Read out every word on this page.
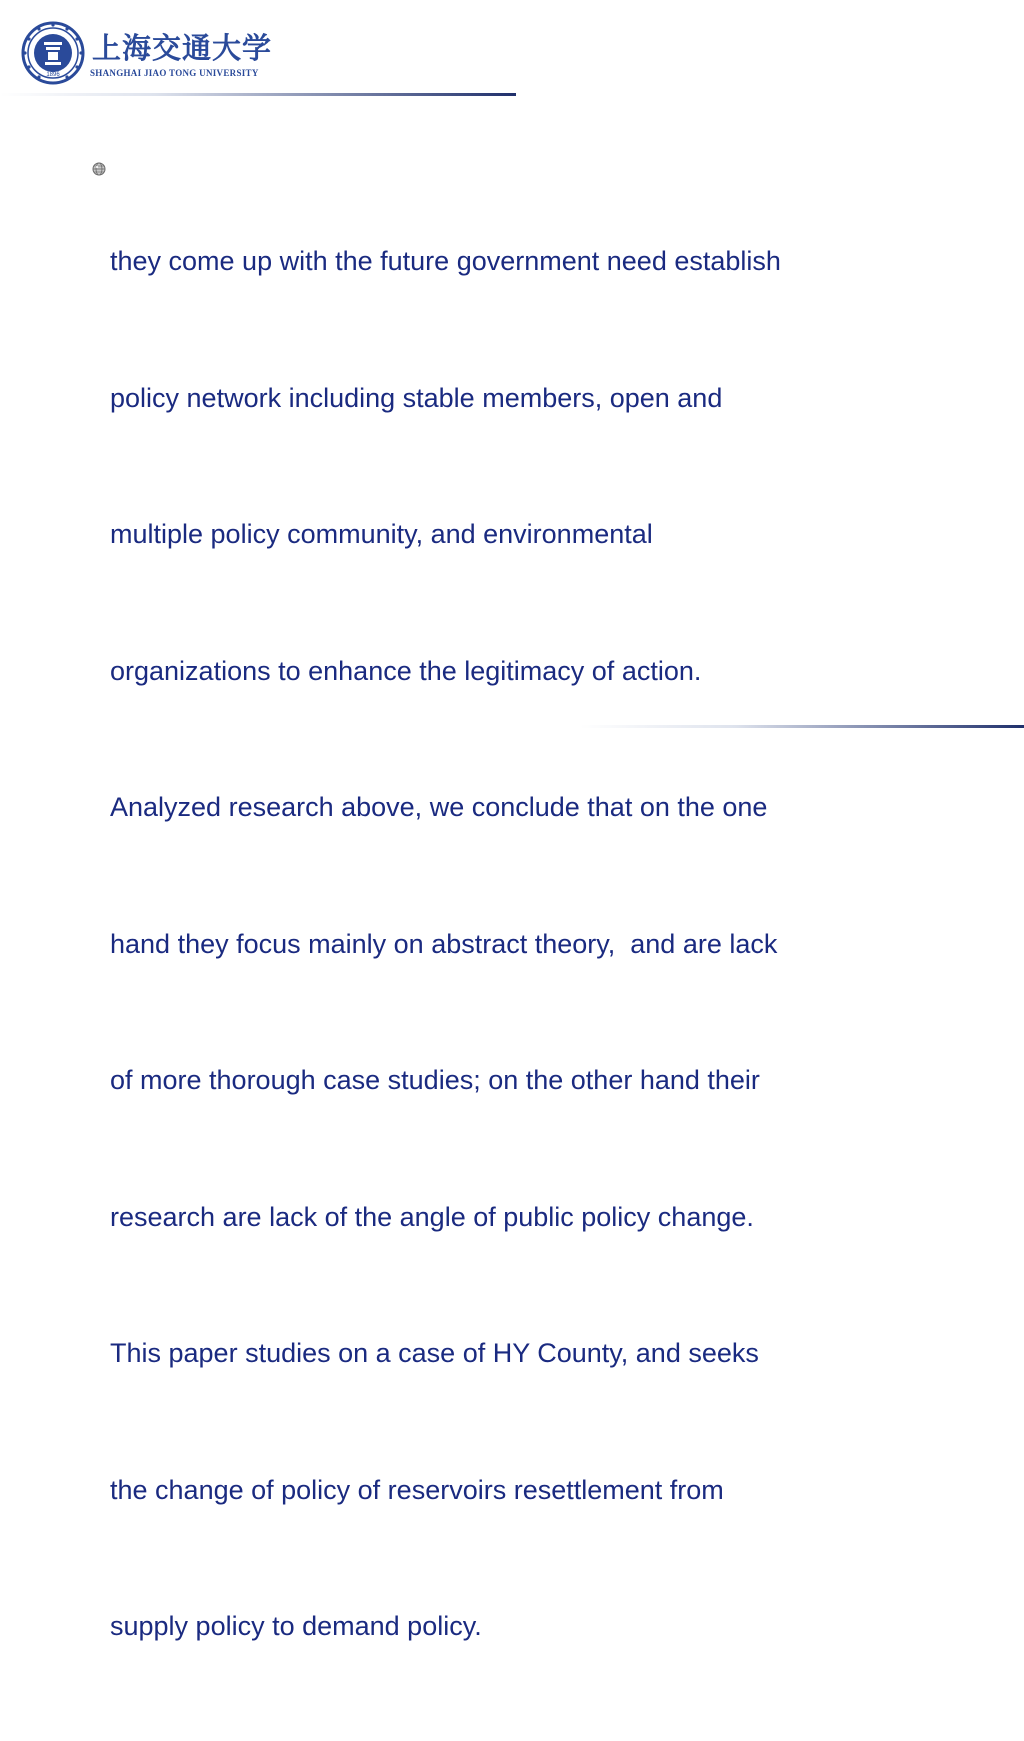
1896
上海交通大学
SHANGHAI JIAO TONG UNIVERSITY

they come up with the future government need establish

policy network including stable members, open and

multiple policy community, and environmental

organizations to enhance the legitimacy of action.

Analyzed research above, we conclude that on the one

hand they focus mainly on abstract theory,  and are lack

of more thorough case studies; on the other hand their

research are lack of the angle of public policy change.

This paper studies on a case of HY County, and seeks

the change of policy of reservoirs resettlement from

supply policy to demand policy.
